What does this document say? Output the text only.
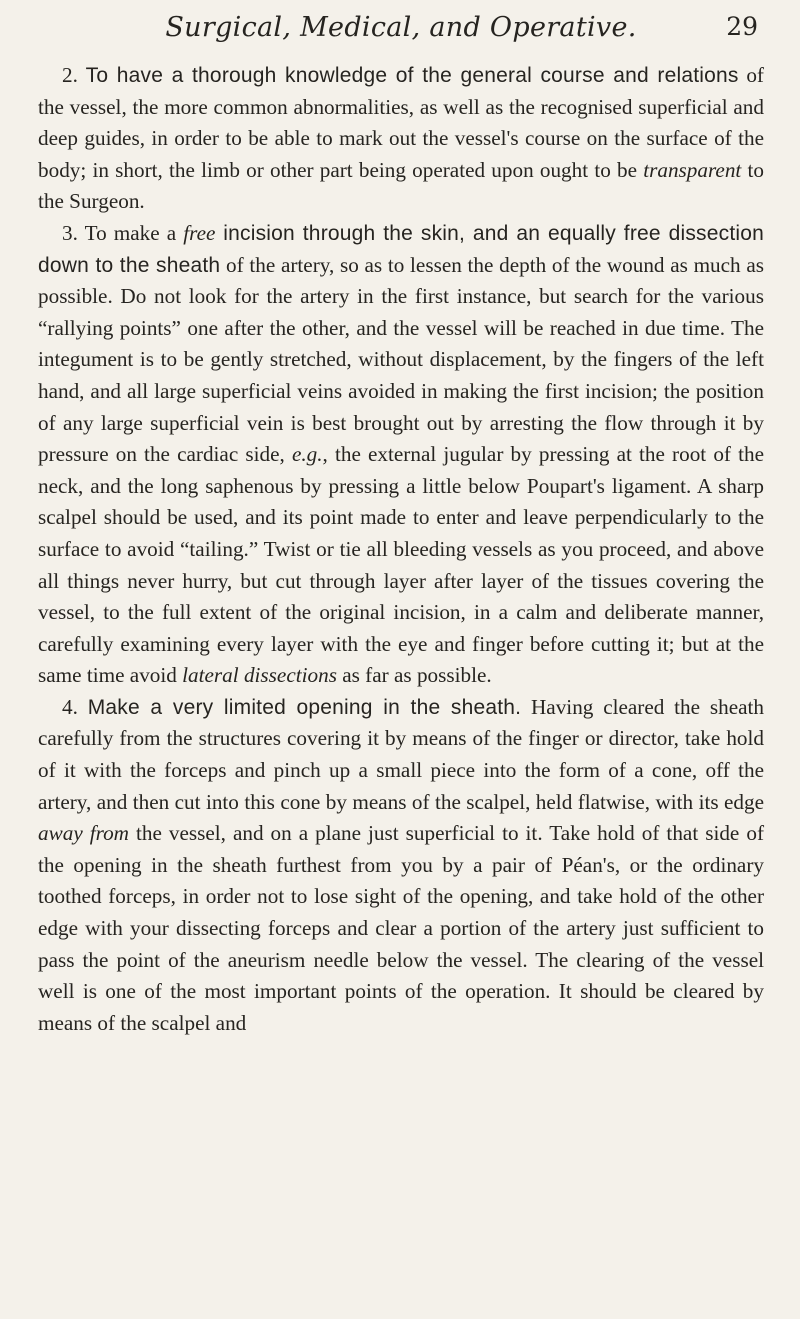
Surgical, Medical, and Operative.	29

2. To have a thorough knowledge of the general course and relations of the vessel, the more common abnormalities, as well as the recognised superficial and deep guides, in order to be able to mark out the vessel's course on the surface of the body; in short, the limb or other part being operated upon ought to be transparent to the Surgeon.

3. To make a free incision through the skin, and an equally free dissection down to the sheath of the artery, so as to lessen the depth of the wound as much as possible. Do not look for the artery in the first instance, but search for the various “rallying points” one after the other, and the vessel will be reached in due time. The integument is to be gently stretched, without displacement, by the fingers of the left hand, and all large superficial veins avoided in making the first incision; the position of any large superficial vein is best brought out by arresting the flow through it by pressure on the cardiac side, e.g., the external jugular by pressing at the root of the neck, and the long saphenous by pressing a little below Poupart's ligament. A sharp scalpel should be used, and its point made to enter and leave perpendicularly to the surface to avoid “tailing.” Twist or tie all bleeding vessels as you proceed, and above all things never hurry, but cut through layer after layer of the tissues covering the vessel, to the full extent of the original incision, in a calm and deliberate manner, carefully examining every layer with the eye and finger before cutting it; but at the same time avoid lateral dissections as far as possible.

4. Make a very limited opening in the sheath. Having cleared the sheath carefully from the structures covering it by means of the finger or director, take hold of it with the forceps and pinch up a small piece into the form of a cone, off the artery, and then cut into this cone by means of the scalpel, held flatwise, with its edge away from the vessel, and on a plane just superficial to it. Take hold of that side of the opening in the sheath furthest from you by a pair of Péan's, or the ordinary toothed forceps, in order not to lose sight of the opening, and take hold of the other edge with your dissecting forceps and clear a portion of the artery just sufficient to pass the point of the aneurism needle below the vessel. The clearing of the vessel well is one of the most important points of the operation. It should be cleared by means of the scalpel and
